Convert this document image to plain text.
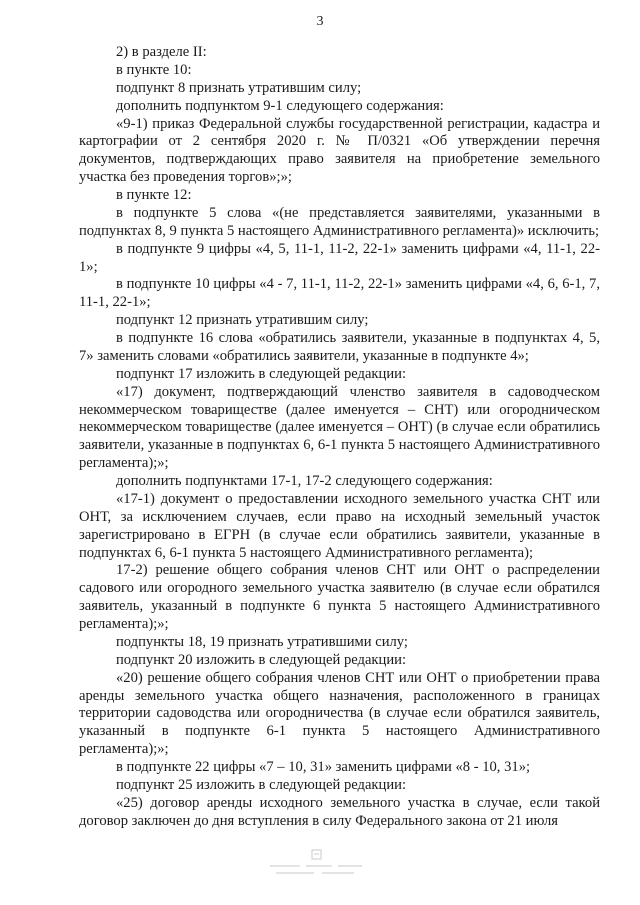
3

2) в разделе II:

в пункте 10:

подпункт 8 признать утратившим силу;

дополнить подпунктом 9-1 следующего содержания:

«9-1) приказ Федеральной службы государственной регистрации, кадастра и картографии от 2 сентября 2020 г. № П/0321 «Об утверждении перечня документов, подтверждающих право заявителя на приобретение земельного участка без проведения торгов»;»;

в пункте 12:

в подпункте 5 слова «(не представляется заявителями, указанными в подпунктах 8, 9 пункта 5 настоящего Административного регламента)» исключить;

в подпункте 9 цифры «4, 5, 11-1, 11-2, 22-1» заменить цифрами «4, 11-1, 22-1»;

в подпункте 10 цифры «4 - 7, 11-1, 11-2, 22-1» заменить цифрами «4, 6, 6-1, 7, 11-1, 22-1»;

подпункт 12 признать утратившим силу;

в подпункте 16 слова «обратились заявители, указанные в подпунктах 4, 5, 7» заменить словами «обратились заявители, указанные в подпункте 4»;

подпункт 17 изложить в следующей редакции:

«17) документ, подтверждающий членство заявителя в садоводческом некоммерческом товариществе (далее именуется – СНТ) или огородническом некоммерческом товариществе (далее именуется – ОНТ) (в случае если обратились заявители, указанные в подпунктах 6, 6-1 пункта 5 настоящего Административного регламента);»;

дополнить подпунктами 17-1, 17-2 следующего содержания:

«17-1) документ о предоставлении исходного земельного участка СНТ или ОНТ, за исключением случаев, если право на исходный земельный участок зарегистрировано в ЕГРН (в случае если обратились заявители, указанные в подпунктах 6, 6-1 пункта 5 настоящего Административного регламента);

17-2) решение общего собрания членов СНТ или ОНТ о распределении садового или огородного земельного участка заявителю (в случае если обратился заявитель, указанный в подпункте 6 пункта 5 настоящего Административного регламента);»;

подпункты 18, 19 признать утратившими силу;

подпункт 20 изложить в следующей редакции:

«20) решение общего собрания членов СНТ или ОНТ о приобретении права аренды земельного участка общего назначения, расположенного в границах территории садоводства или огородничества (в случае если обратился заявитель, указанный в подпункте 6-1 пункта 5 настоящего Административного регламента);»;

в подпункте 22 цифры «7 – 10, 31» заменить цифрами «8 - 10, 31»;

подпункт 25 изложить в следующей редакции:

«25) договор аренды исходного земельного участка в случае, если такой договор заключен до дня вступления в силу Федерального закона от 21 июля
